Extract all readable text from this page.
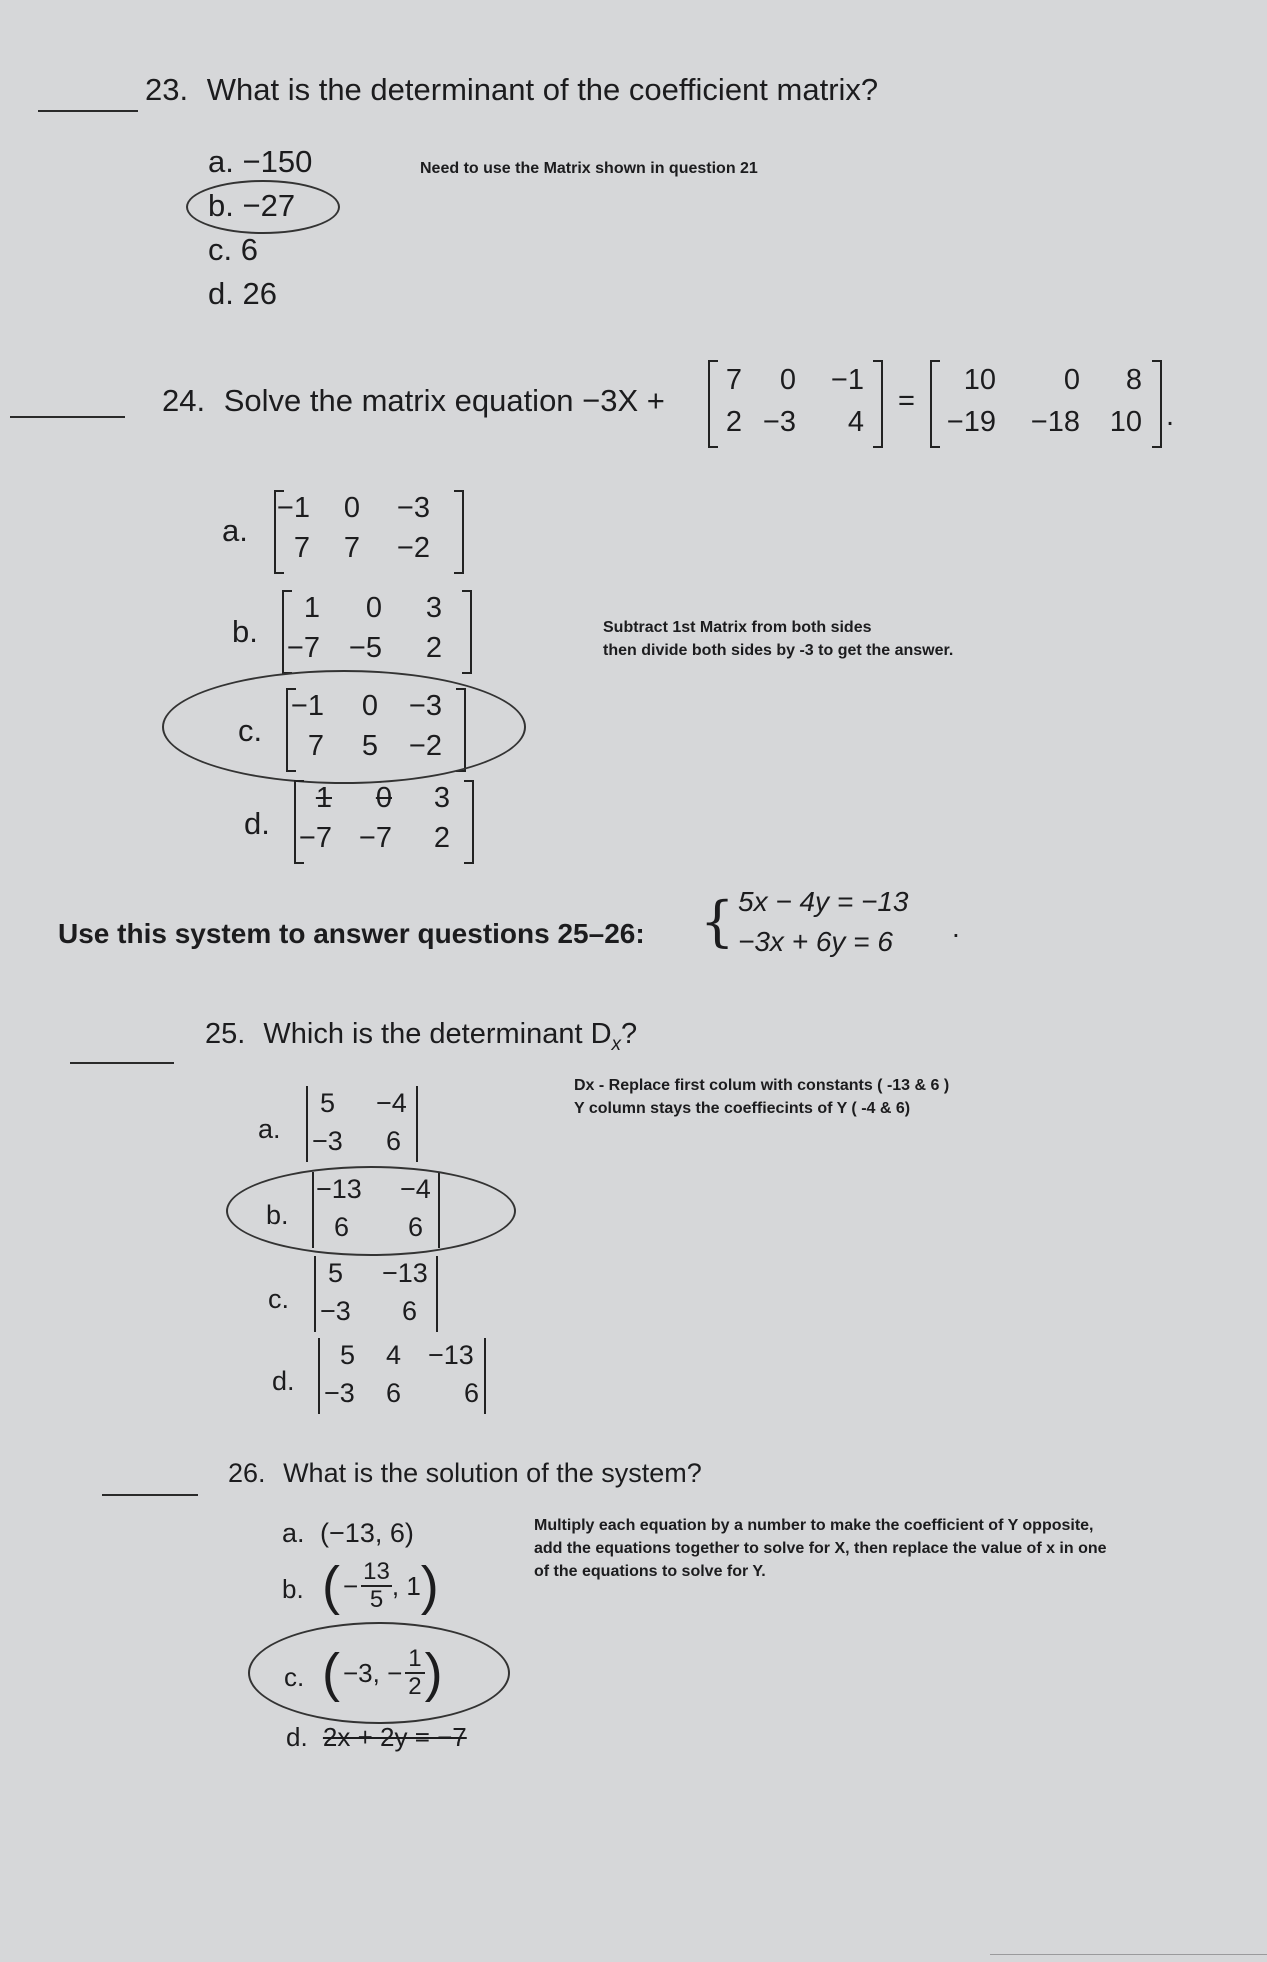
23. What is the determinant of the coefficient matrix?
a. −150
b. −27
c. 6
d. 26
Need to use the Matrix shown in question 21
24. Solve the matrix equation −3X +
7	0	−1
2 −3	4
=
10	0	8
−19 −18	10 .
a.
−1	0	−3
7	7	−2
b.
1	0	3
−7 −5	2
Subtract 1st Matrix from both sides
then divide both sides by -3 to get the answer.
c.
−1	0	−3
7	5	−2
d.
1	0	3
−7 −7	2
Use this system to answer questions 25–26: { 5x − 4y = −13
−3x + 6y = 6 .
25. Which is the determinant $D_x$?
Dx - Replace first colum with constants ( -13 & 6 )
Y column stays the coeffiecints of Y ( -4 & 6)
a.
5 −4
−3 6
b.
−13 −4
6 6
c.
5 −13
−3 6
d.
5 4 −13
−3 6 6
26. What is the solution of the system?
Multiply each equation by a number to make the coefficient of Y opposite,
add the equations together to solve for X, then replace the value of x in one
of the equations to solve for Y.
a. (−13, 6)
b. ( − $\frac{13}{5}$ , 1 )
c. ( −3, − $\frac{1}{2}$ )
d. 2x + 2y = −7
